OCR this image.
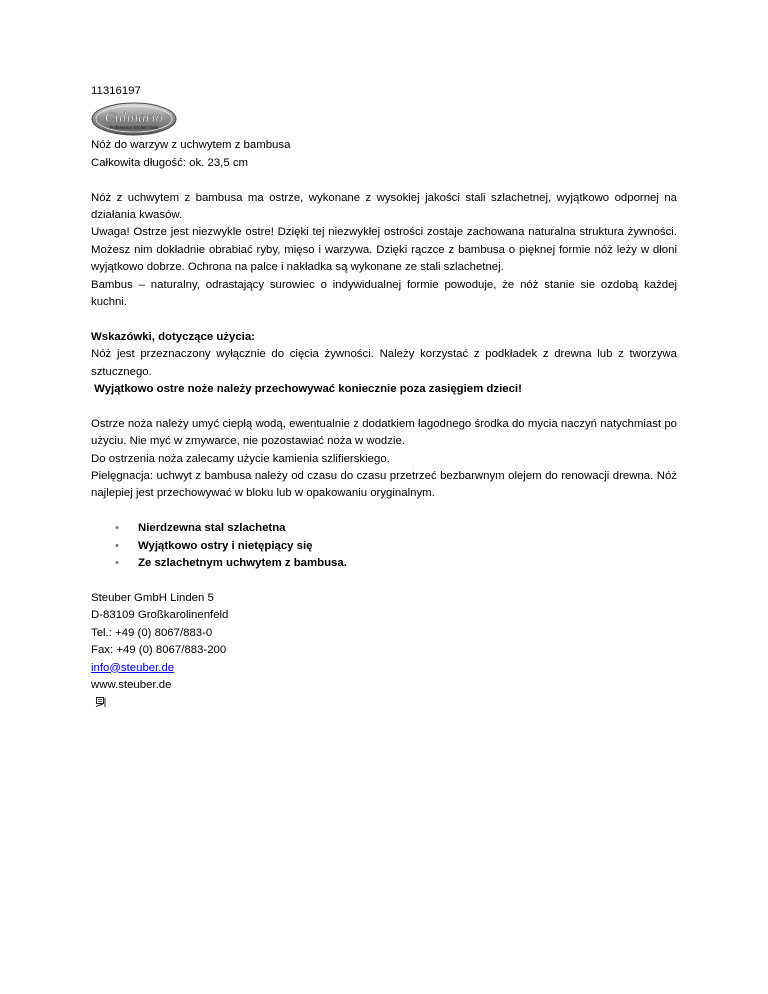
11316197

Culinario
Professional Kitchen Tools

Nóż do warzyw z uchwytem z bambusa

Całkowita długość: ok. 23,5 cm

Nóż z uchwytem z bambusa ma ostrze, wykonane z wysokiej jakości stali szlachetnej, wyjątkowo odpornej na działania kwasów.

Uwaga! Ostrze jest niezwykle ostre! Dzięki tej niezwykłej ostrości zostaje zachowana naturalna struktura żywności. Możesz nim dokładnie obrabiać ryby, mięso i warzywa. Dzięki rączce z bambusa o pięknej formie nóż leży w dłoni wyjątkowo dobrze. Ochrona na palce i nakładka są wykonane ze stali szlachetnej.

Bambus – naturalny, odrastający surowiec o indywidualnej formie powoduje, że nóż stanie sie ozdobą każdej kuchni.

Wskazówki, dotyczące użycia:

Nóż jest przeznaczony wyłącznie do cięcia żywności. Należy korzystać z podkładek z drewna lub z tworzywa sztucznego.

Wyjątkowo ostre noże należy przechowywać koniecznie poza zasięgiem dzieci!

Ostrze noża należy umyć ciepłą wodą, ewentualnie z dodatkiem łagodnego środka do mycia naczyń natychmiast po użyciu. Nie myć w zmywarce, nie pozostawiać noża w wodzie.

Do ostrzenia noża zalecamy użycie kamienia szlifierskiego.

Pielęgnacja: uchwyt z bambusa należy od czasu do czasu przetrzeć bezbarwnym olejem do renowacji drewna. Nóż najlepiej jest przechowywać w bloku lub w opakowaniu oryginalnym.

• Nierdzewna stal szlachetna
• Wyjątkowo ostry i nietępiący się
• Ze szlachetnym uchwytem z bambusa.

Steuber GmbH Linden 5

D-83109 Großkarolinenfeld

Tel.: +49 (0) 8067/883-0

Fax: +49 (0) 8067/883-200

info@steuber.de

www.steuber.de
